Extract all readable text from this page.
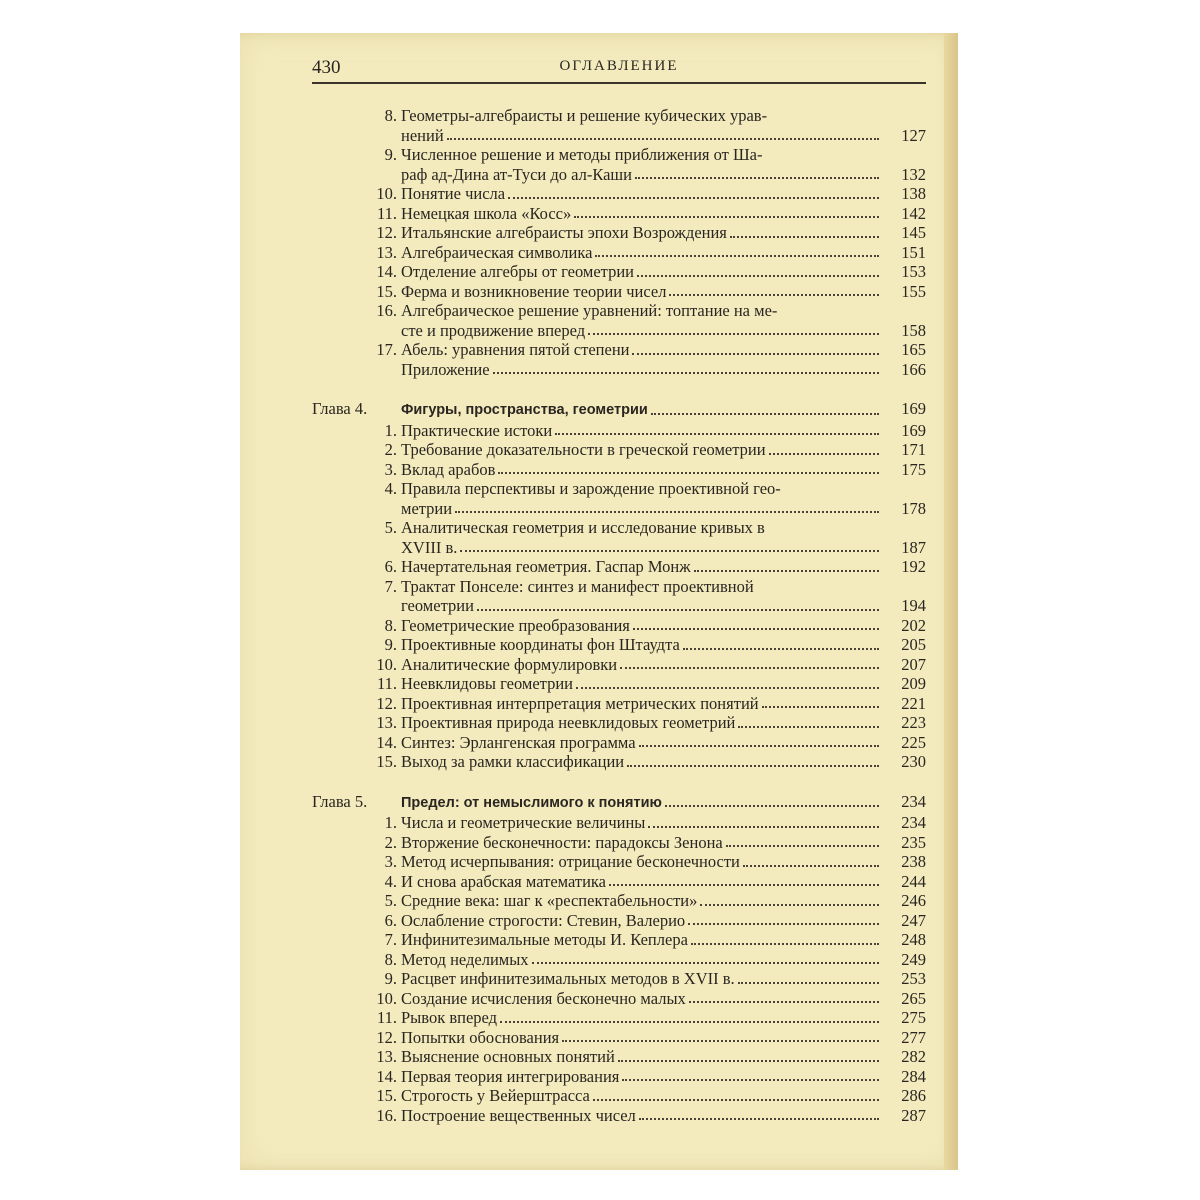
430	ОГЛАВЛЕНИЕ
8. Геометры-алгебраисты и решение кубических урав-
нений	127
9. Численное решение и методы приближения от Ша-
раф ад-Дина ат-Туси до ал-Каши	132
10. Понятие числа	138
11. Немецкая школа «Косс»	142
12. Итальянские алгебраисты эпохи Возрождения	145
13. Алгебраическая символика	151
14. Отделение алгебры от геометрии	153
15. Ферма и возникновение теории чисел	155
16. Алгебраическое решение уравнений: топтание на ме-
сте и продвижение вперед	158
17. Абель: уравнения пятой степени	165
Приложение	166
Глава 4.	Фигуры, пространства, геометрии	169
1. Практические истоки	169
2. Требование доказательности в греческой геометрии	171
3. Вклад арабов	175
4. Правила перспективы и зарождение проективной гео-
метрии	178
5. Аналитическая геометрия и исследование кривых в
XVIII в.	187
6. Начертательная геометрия. Гаспар Монж	192
7. Трактат Понселе: синтез и манифест проективной
геометрии	194
8. Геометрические преобразования	202
9. Проективные координаты фон Штаудта	205
10. Аналитические формулировки	207
11. Неевклидовы геометрии	209
12. Проективная интерпретация метрических понятий	221
13. Проективная природа неевклидовых геометрий	223
14. Синтез: Эрлангенская программа	225
15. Выход за рамки классификации	230
Глава 5.	Предел: от немыслимого к понятию	234
1. Числа и геометрические величины	234
2. Вторжение бесконечности: парадоксы Зенона	235
3. Метод исчерпывания: отрицание бесконечности	238
4. И снова арабская математика	244
5. Средние века: шаг к «респектабельности»	246
6. Ослабление строгости: Стевин, Валерио	247
7. Инфинитезимальные методы И. Кеплера	248
8. Метод неделимых	249
9. Расцвет инфинитезимальных методов в XVII в.	253
10. Создание исчисления бесконечно малых	265
11. Рывок вперед	275
12. Попытки обоснования	277
13. Выяснение основных понятий	282
14. Первая теория интегрирования	284
15. Строгость у Вейерштрасса	286
16. Построение вещественных чисел	287
